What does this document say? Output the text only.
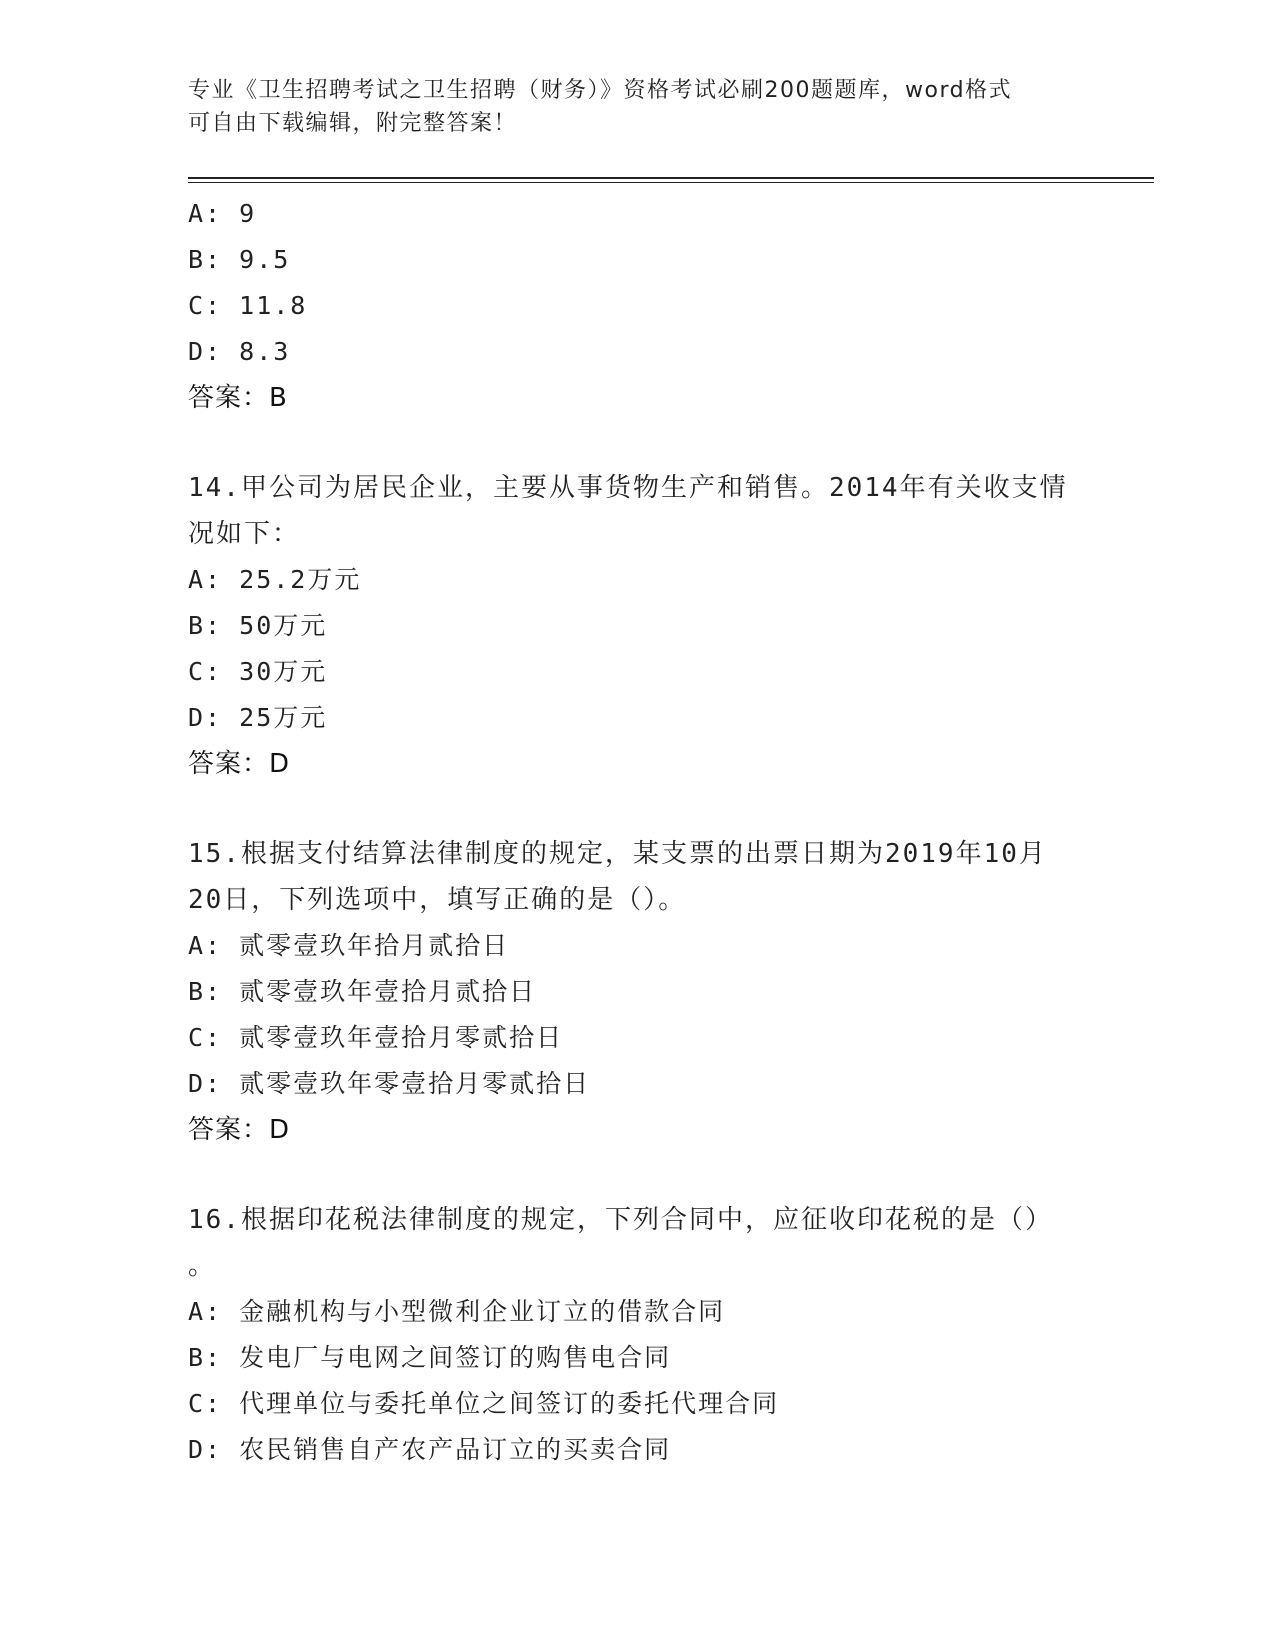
专业《卫生招聘考试之卫生招聘（财务）》资格考试必刷200题题库，word格式
可自由下载编辑，附完整答案！
A: 9
B: 9.5
C: 11.8
D: 8.3
答案：B
14.甲公司为居民企业，主要从事货物生产和销售。2014年有关收支情
况如下：
A: 25.2万元
B: 50万元
C: 30万元
D: 25万元
答案：D
15.根据支付结算法律制度的规定，某支票的出票日期为2019年10月
20日，下列选项中，填写正确的是（）。
A: 贰零壹玖年拾月贰拾日
B: 贰零壹玖年壹拾月贰拾日
C: 贰零壹玖年壹拾月零贰拾日
D: 贰零壹玖年零壹拾月零贰拾日
答案：D
16.根据印花税法律制度的规定，下列合同中，应征收印花税的是（）
。
A: 金融机构与小型微利企业订立的借款合同
B: 发电厂与电网之间签订的购售电合同
C: 代理单位与委托单位之间签订的委托代理合同
D: 农民销售自产农产品订立的买卖合同
